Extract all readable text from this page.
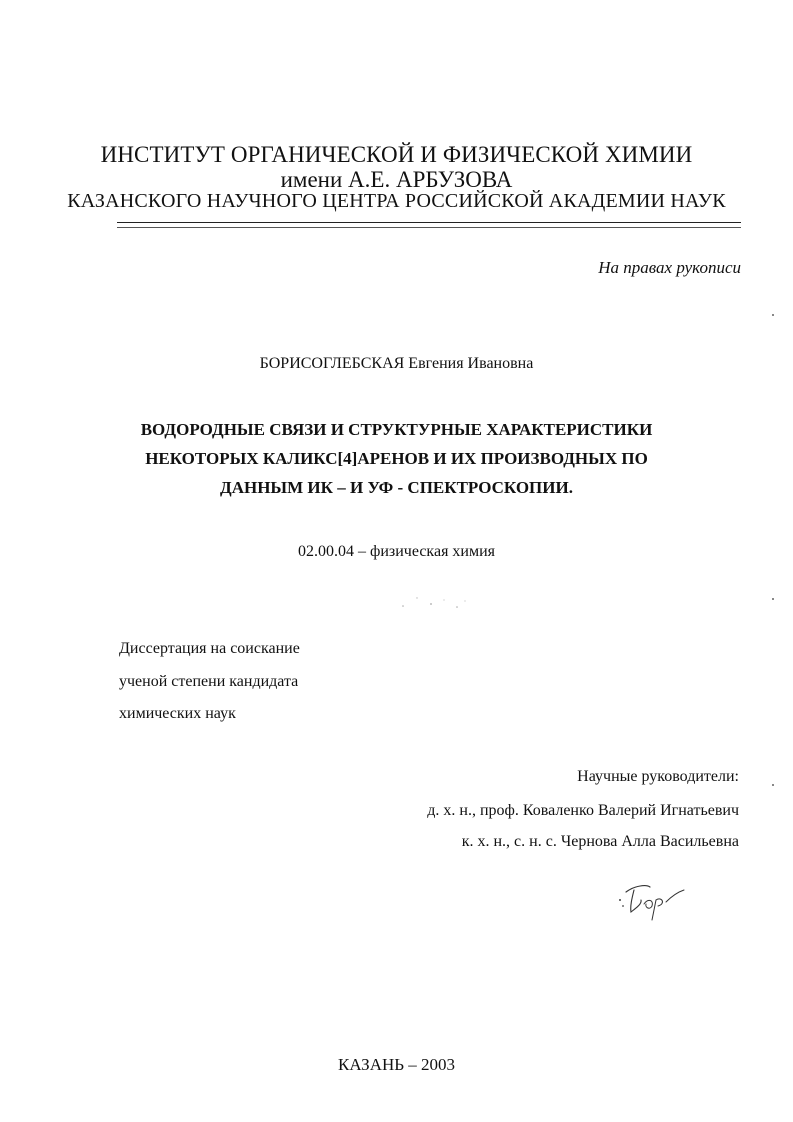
ИНСТИТУТ ОРГАНИЧЕСКОЙ И ФИЗИЧЕСКОЙ ХИМИИ
имени А.Е. АРБУЗОВА
КАЗАНСКОГО НАУЧНОГО ЦЕНТРА РОССИЙСКОЙ АКАДЕМИИ НАУК
На правах рукописи
БОРИСОГЛЕБСКАЯ Евгения Ивановна
ВОДОРОДНЫЕ СВЯЗИ И СТРУКТУРНЫЕ ХАРАКТЕРИСТИКИ
НЕКОТОРЫХ КАЛИКС[4]АРЕНОВ И ИХ ПРОИЗВОДНЫХ ПО
ДАННЫМ ИК – И УФ - СПЕКТРОСКОПИИ.
02.00.04 – физическая химия
Диссертация на соискание
ученой степени кандидата
химических наук
Научные руководители:
д. х. н., проф. Коваленко Валерий Игнатьевич
к. х. н., с. н. с. Чернова Алла Васильевна
КАЗАНЬ – 2003
